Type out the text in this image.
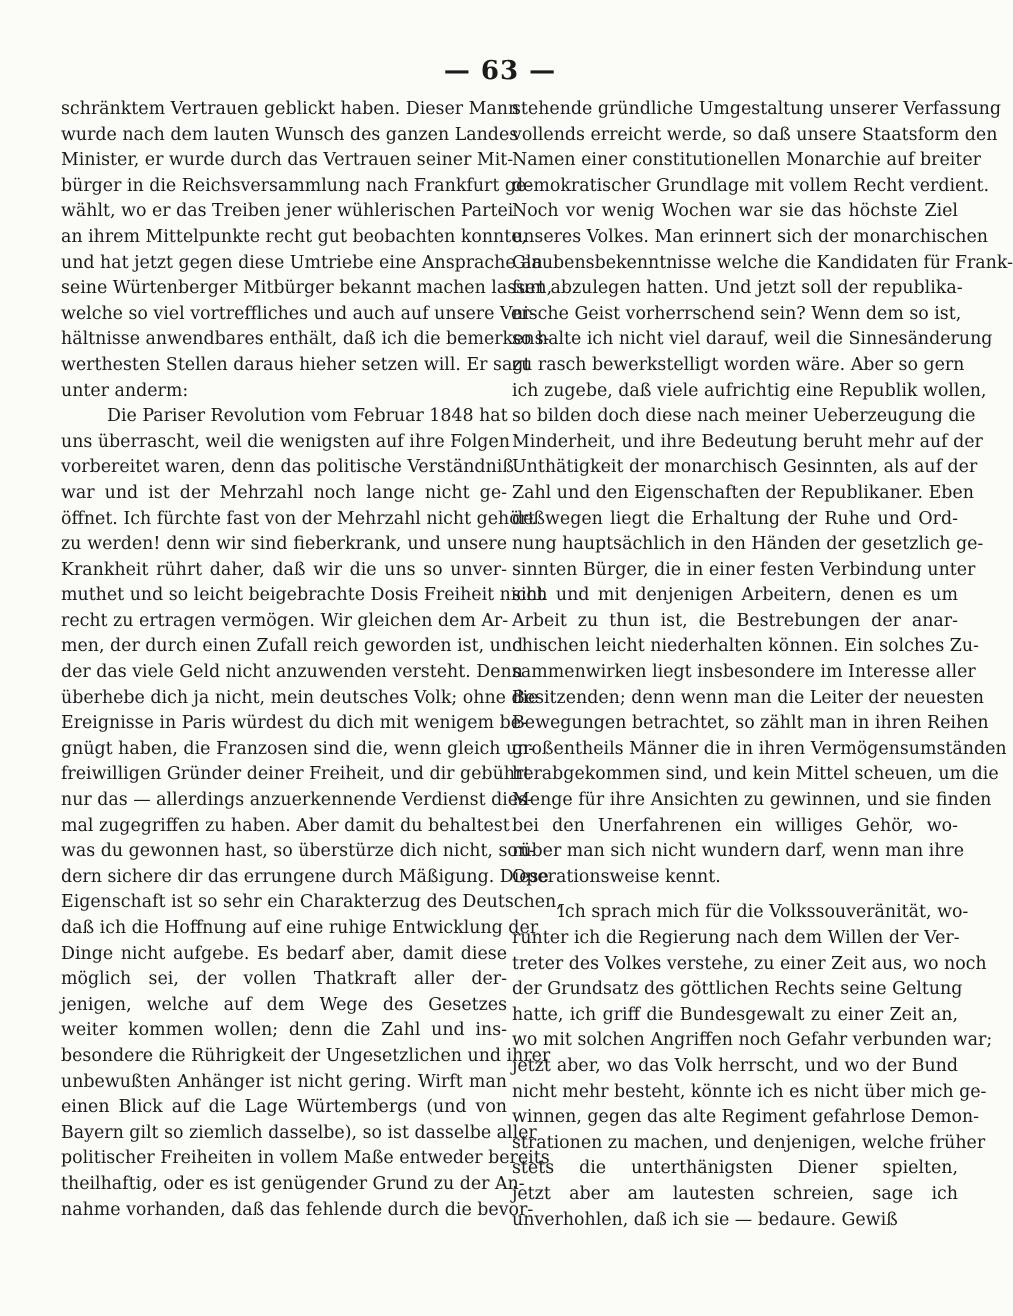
— 63 —
schränktem Vertrauen geblickt haben. Dieser Mann
wurde nach dem lauten Wunsch des ganzen Landes
Minister, er wurde durch das Vertrauen seiner Mit-
bürger in die Reichsversammlung nach Frankfurt ge-
wählt, wo er das Treiben jener wühlerischen Partei
an ihrem Mittelpunkte recht gut beobachten konnte,
und hat jetzt gegen diese Umtriebe eine Ansprache an
seine Würtenberger Mitbürger bekannt machen lassen,
welche so viel vortreffliches und auch auf unsere Ver-
hältnisse anwendbares enthält, daß ich die bemerkens-
werthesten Stellen daraus hieher setzen will. Er sagt
unter anderm:
Die Pariser Revolution vom Februar 1848 hat
uns überrascht, weil die wenigsten auf ihre Folgen
vorbereitet waren, denn das politische Verständniß
war und ist der Mehrzahl noch lange nicht ge-
öffnet. Ich fürchte fast von der Mehrzahl nicht gehört
zu werden! denn wir sind fieberkrank, und unsere
Krankheit rührt daher, daß wir die uns so unver-
muthet und so leicht beigebrachte Dosis Freiheit nicht
recht zu ertragen vermögen. Wir gleichen dem Ar-
men, der durch einen Zufall reich geworden ist, und
der das viele Geld nicht anzuwenden versteht. Denn
überhebe dich ja nicht, mein deutsches Volk; ohne die
Ereignisse in Paris würdest du dich mit wenigem be-
gnügt haben, die Franzosen sind die, wenn gleich un-
freiwilligen Gründer deiner Freiheit, und dir gebührt
nur das — allerdings anzuerkennende Verdienst dies-
mal zugegriffen zu haben. Aber damit du behaltest
was du gewonnen hast, so überstürze dich nicht, son-
dern sichere dir das errungene durch Mäßigung. Diese
Eigenschaft ist so sehr ein Charakterzug des Deutschen,
daß ich die Hoffnung auf eine ruhige Entwicklung der
Dinge nicht aufgebe. Es bedarf aber, damit diese
möglich sei, der vollen Thatkraft aller der-
jenigen, welche auf dem Wege des Gesetzes
weiter kommen wollen; denn die Zahl und ins-
besondere die Rührigkeit der Ungesetzlichen und ihrer
unbewußten Anhänger ist nicht gering. Wirft man
einen Blick auf die Lage Würtembergs (und von
Bayern gilt so ziemlich dasselbe), so ist dasselbe aller
politischer Freiheiten in vollem Maße entweder bereits
theilhaftig, oder es ist genügender Grund zu der An-
nahme vorhanden, daß das fehlende durch die bevor-
stehende gründliche Umgestaltung unserer Verfassung
vollends erreicht werde, so daß unsere Staatsform den
Namen einer constitutionellen Monarchie auf breiter
demokratischer Grundlage mit vollem Recht verdient.
Noch vor wenig Wochen war sie das höchste Ziel
unseres Volkes. Man erinnert sich der monarchischen
Glaubensbekenntnisse welche die Kandidaten für Frank-
furt abzulegen hatten. Und jetzt soll der republika-
nische Geist vorherrschend sein? Wenn dem so ist,
so halte ich nicht viel darauf, weil die Sinnesänderung
zu rasch bewerkstelligt worden wäre. Aber so gern
ich zugebe, daß viele aufrichtig eine Republik wollen,
so bilden doch diese nach meiner Ueberzeugung die
Minderheit, und ihre Bedeutung beruht mehr auf der
Unthätigkeit der monarchisch Gesinnten, als auf der
Zahl und den Eigenschaften der Republikaner. Eben
deßwegen liegt die Erhaltung der Ruhe und Ord-
nung hauptsächlich in den Händen der gesetzlich ge-
sinnten Bürger, die in einer festen Verbindung unter
sich und mit denjenigen Arbeitern, denen es um
Arbeit zu thun ist, die Bestrebungen der anar-
chischen leicht niederhalten können. Ein solches Zu-
sammenwirken liegt insbesondere im Interesse aller
Besitzenden; denn wenn man die Leiter der neuesten
Bewegungen betrachtet, so zählt man in ihren Reihen
großentheils Männer die in ihren Vermögensumständen
herabgekommen sind, und kein Mittel scheuen, um die
Menge für ihre Ansichten zu gewinnen, und sie finden
bei den Unerfahrenen ein williges Gehör, wo-
rüber man sich nicht wundern darf, wenn man ihre
Operationsweise kennt.
Ich sprach mich für die Volkssouveränität, wo-
runter ich die Regierung nach dem Willen der Ver-
treter des Volkes verstehe, zu einer Zeit aus, wo noch
der Grundsatz des göttlichen Rechts seine Geltung
hatte, ich griff die Bundesgewalt zu einer Zeit an,
wo mit solchen Angriffen noch Gefahr verbunden war;
jetzt aber, wo das Volk herrscht, und wo der Bund
nicht mehr besteht, könnte ich es nicht über mich ge-
winnen, gegen das alte Regiment gefahrlose Demon-
strationen zu machen, und denjenigen, welche früher
stets die unterthänigsten Diener spielten,
jetzt aber am lautesten schreien, sage ich
unverhohlen, daß ich sie — bedaure. Gewiß
